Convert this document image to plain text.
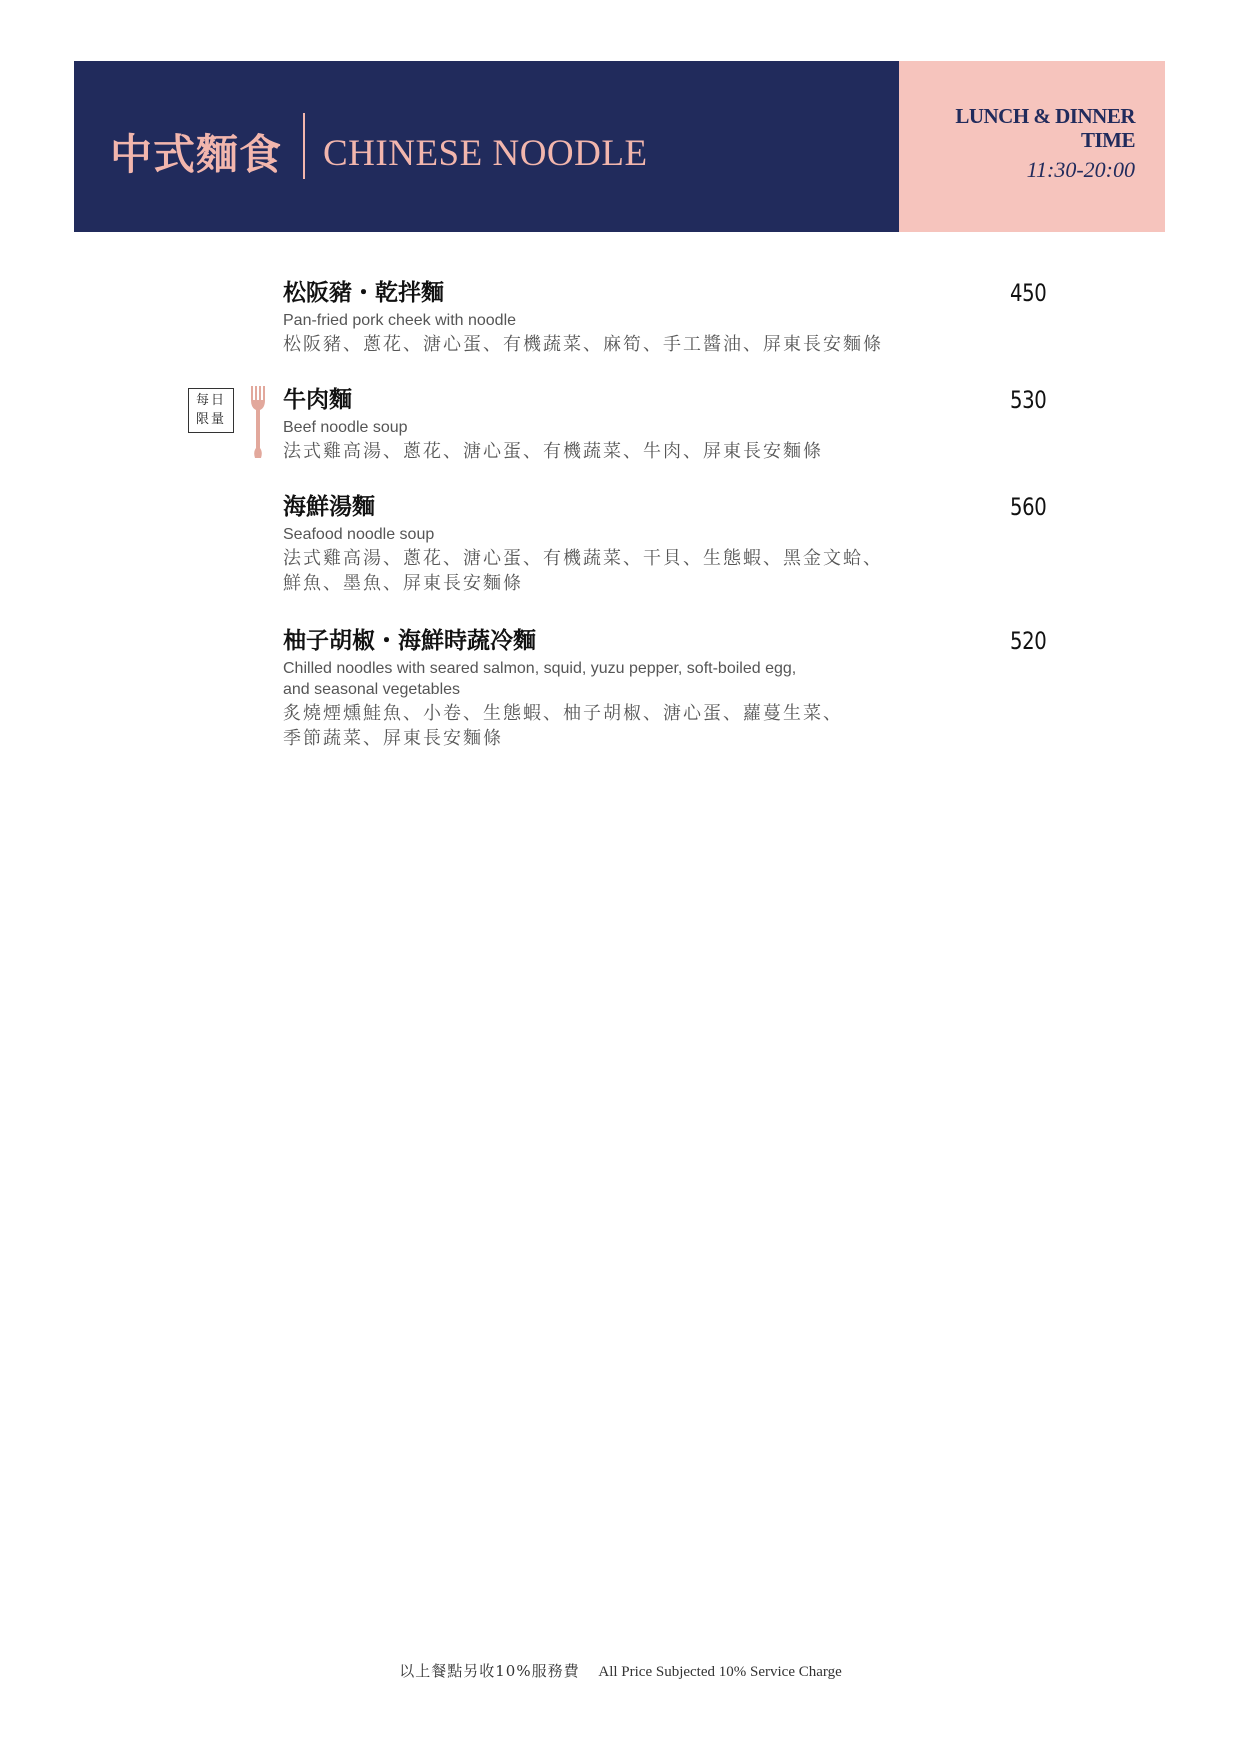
中式麵食 CHINESE NOODLE
LUNCH & DINNER
TIME
11:30-20:00
松阪豬・乾拌麵	450
Pan-fried pork cheek with noodle
松阪豬、蔥花、溏心蛋、有機蔬菜、麻筍、手工醬油、屏東長安麵條
每日
限量
牛肉麵	530
Beef noodle soup
法式雞高湯、蔥花、溏心蛋、有機蔬菜、牛肉、屏東長安麵條
海鮮湯麵	560
Seafood noodle soup
法式雞高湯、蔥花、溏心蛋、有機蔬菜、干貝、生態蝦、黑金文蛤、
鮮魚、墨魚、屏東長安麵條
柚子胡椒・海鮮時蔬冷麵	520
Chilled noodles with seared salmon, squid, yuzu pepper, soft-boiled egg,
and seasonal vegetables
炙燒煙燻鮭魚、小卷、生態蝦、柚子胡椒、溏心蛋、蘿蔓生菜、
季節蔬菜、屏東長安麵條
以上餐點另收10%服務費 All Price Subjected 10% Service Charge
